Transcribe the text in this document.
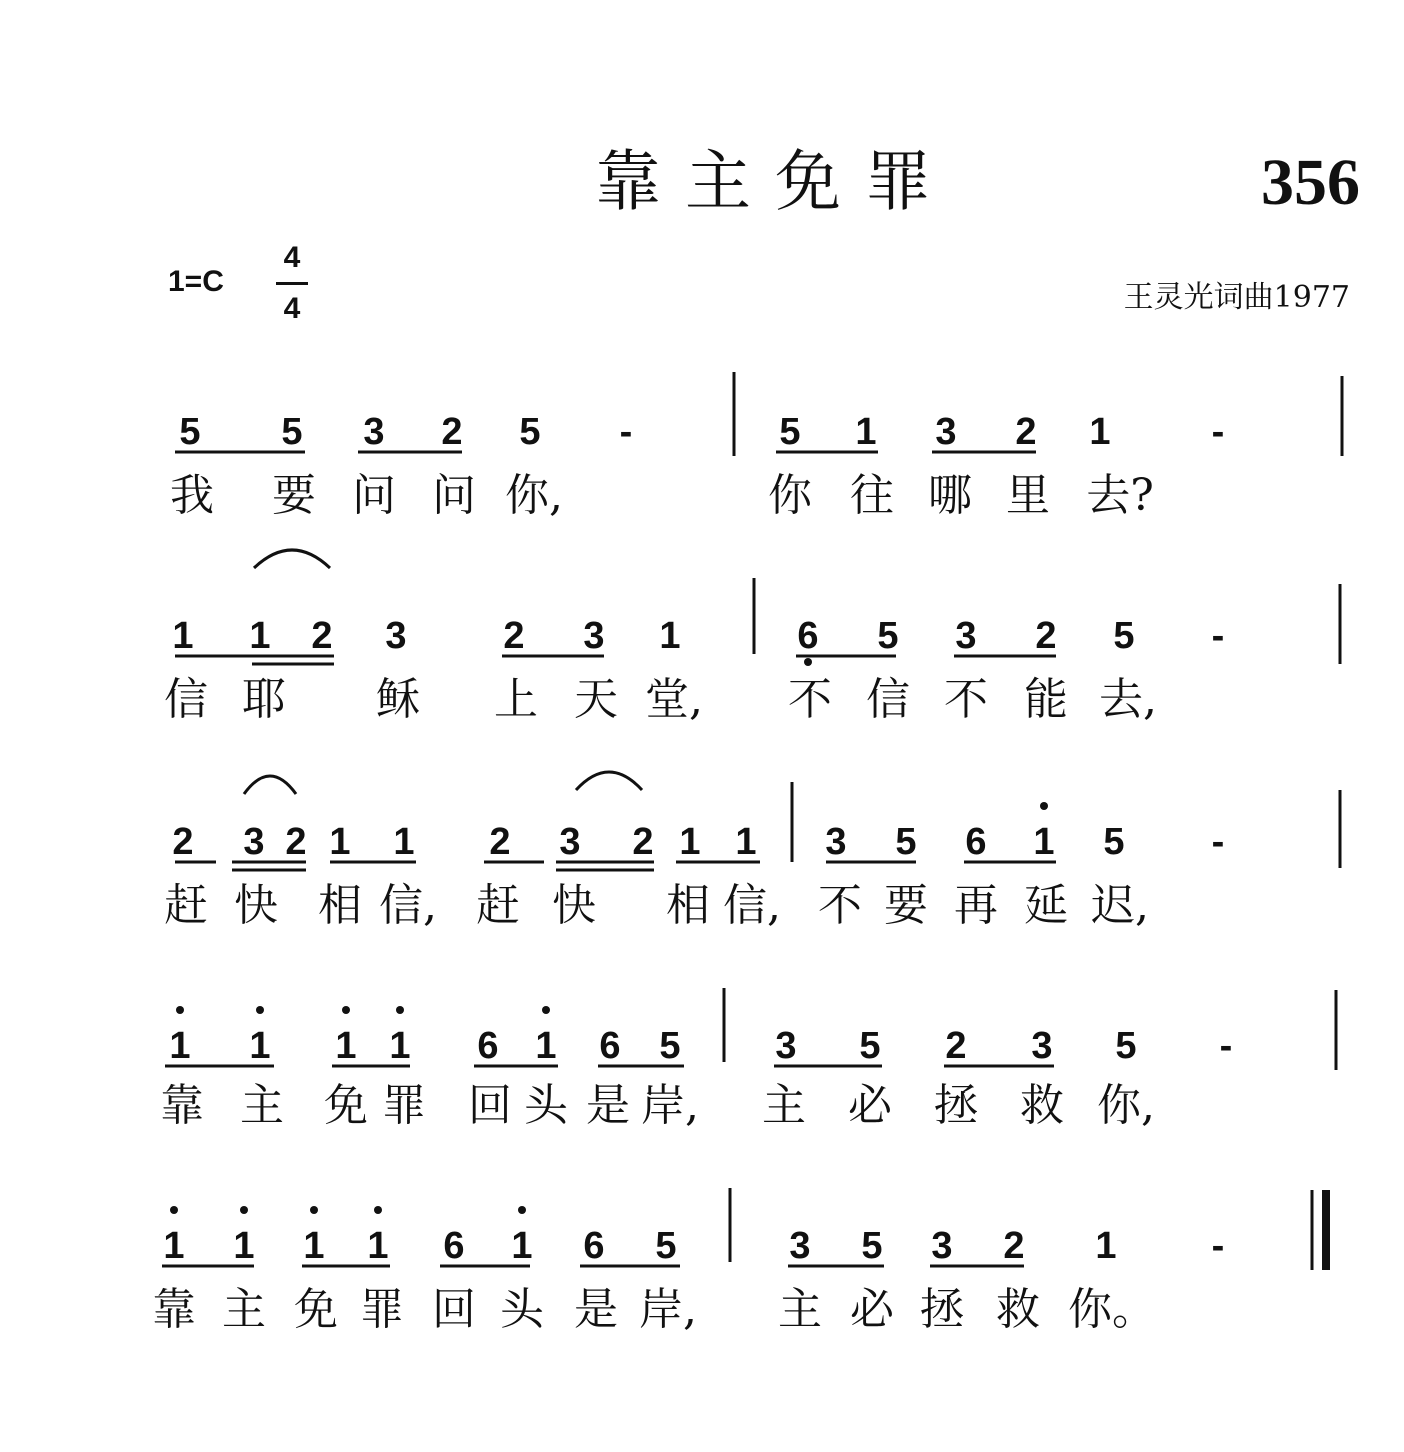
靠主免罪	356
1=C
4
4	王灵光词曲1977
5 5 3 2 5 -	5 1 3 2 1	-
我 要 问 问 你,	你 往 哪 里 去?
1 1 2 3	2 3 1	6 5 3 2 5 -
信 耶 稣 上 天 堂, 不 信 不 能 去,
2 3 2 1 1 2 3 2 1 1 3 5 6 1 5 -
赶 快 相 信, 赶 快 相 信, 不 要 再 延 迟,
1 1 1 1 6 1 6 5 3 5 2 3 5 -
靠 主 免 罪 回 头 是 岸, 主 必 拯 救 你,
1 1 1 1 6 1 6 5	3 5 3 2 1	-
靠 主 免 罪 回 头 是 岸, 主 必 拯 救 你。
